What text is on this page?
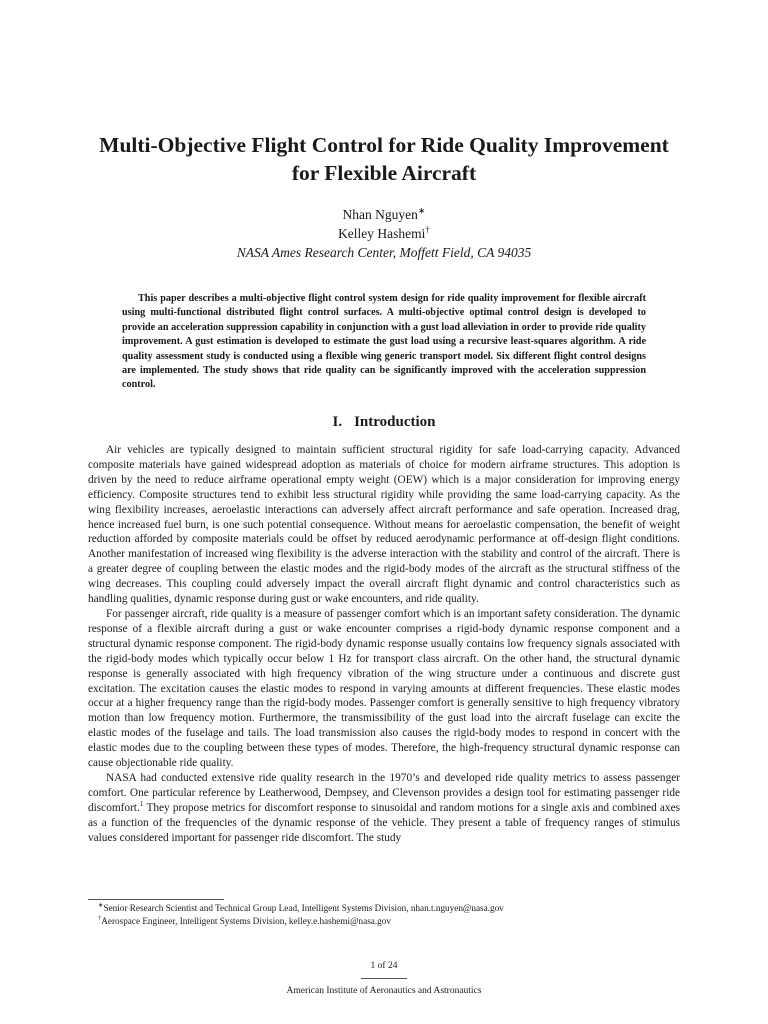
Multi-Objective Flight Control for Ride Quality Improvement
for Flexible Aircraft
Nhan Nguyen∗
Kelley Hashemi†
NASA Ames Research Center, Moffett Field, CA 94035
This paper describes a multi-objective flight control system design for ride quality improvement for flexible aircraft using multi-functional distributed flight control surfaces. A multi-objective optimal control design is developed to provide an acceleration suppression capability in conjunction with a gust load alleviation in order to provide ride quality improvement. A gust estimation is developed to estimate the gust load using a recursive least-squares algorithm. A ride quality assessment study is conducted using a flexible wing generic transport model. Six different flight control designs are implemented. The study shows that ride quality can be significantly improved with the acceleration suppression control.
I. Introduction

Air vehicles are typically designed to maintain sufficient structural rigidity for safe load-carrying capacity. Advanced composite materials have gained widespread adoption as materials of choice for modern airframe structures. This adoption is driven by the need to reduce airframe operational empty weight (OEW) which is a major consideration for improving energy efficiency. Composite structures tend to exhibit less structural rigidity while providing the same load-carrying capacity. As the wing flexibility increases, aeroelastic interactions can adversely affect aircraft performance and safe operation. Increased drag, hence increased fuel burn, is one such potential consequence. Without means for aeroelastic compensation, the benefit of weight reduction afforded by composite materials could be offset by reduced aerodynamic performance at off-design flight conditions. Another manifestation of increased wing flexibility is the adverse interaction with the stability and control of the aircraft. There is a greater degree of coupling between the elastic modes and the rigid-body modes of the aircraft as the structural stiffness of the wing decreases. This coupling could adversely impact the overall aircraft flight dynamic and control characteristics such as handling qualities, dynamic response during gust or wake encounters, and ride quality.

For passenger aircraft, ride quality is a measure of passenger comfort which is an important safety consideration. The dynamic response of a flexible aircraft during a gust or wake encounter comprises a rigid-body dynamic response component and a structural dynamic response component. The rigid-body dynamic response usually contains low frequency signals associated with the rigid-body modes which typically occur below 1 Hz for transport class aircraft. On the other hand, the structural dynamic response is generally associated with high frequency vibration of the wing structure under a continuous and discrete gust excitation. The excitation causes the elastic modes to respond in varying amounts at different frequencies. These elastic modes occur at a higher frequency range than the rigid-body modes. Passenger comfort is generally sensitive to high frequency vibratory motion than low frequency motion. Furthermore, the transmissibility of the gust load into the aircraft fuselage can excite the elastic modes of the fuselage and tails. The load transmission also causes the rigid-body modes to respond in concert with the elastic modes due to the coupling between these types of modes. Therefore, the high-frequency structural dynamic response can cause objectionable ride quality.

NASA had conducted extensive ride quality research in the 1970’s and developed ride quality metrics to assess passenger comfort. One particular reference by Leatherwood, Dempsey, and Clevenson provides a design tool for estimating passenger ride discomfort.$^1$ They propose metrics for discomfort response to sinusoidal and random motions for a single axis and combined axes as a function of the frequencies of the dynamic response of the vehicle. They present a table of frequency ranges of stimulus values considered important for passenger ride discomfort. The study

∗Senior Research Scientist and Technical Group Lead, Intelligent Systems Division, nhan.t.nguyen@nasa.gov
†Aerospace Engineer, Intelligent Systems Division, kelley.e.hashemi@nasa.gov
1 of 24
American Institute of Aeronautics and Astronautics
